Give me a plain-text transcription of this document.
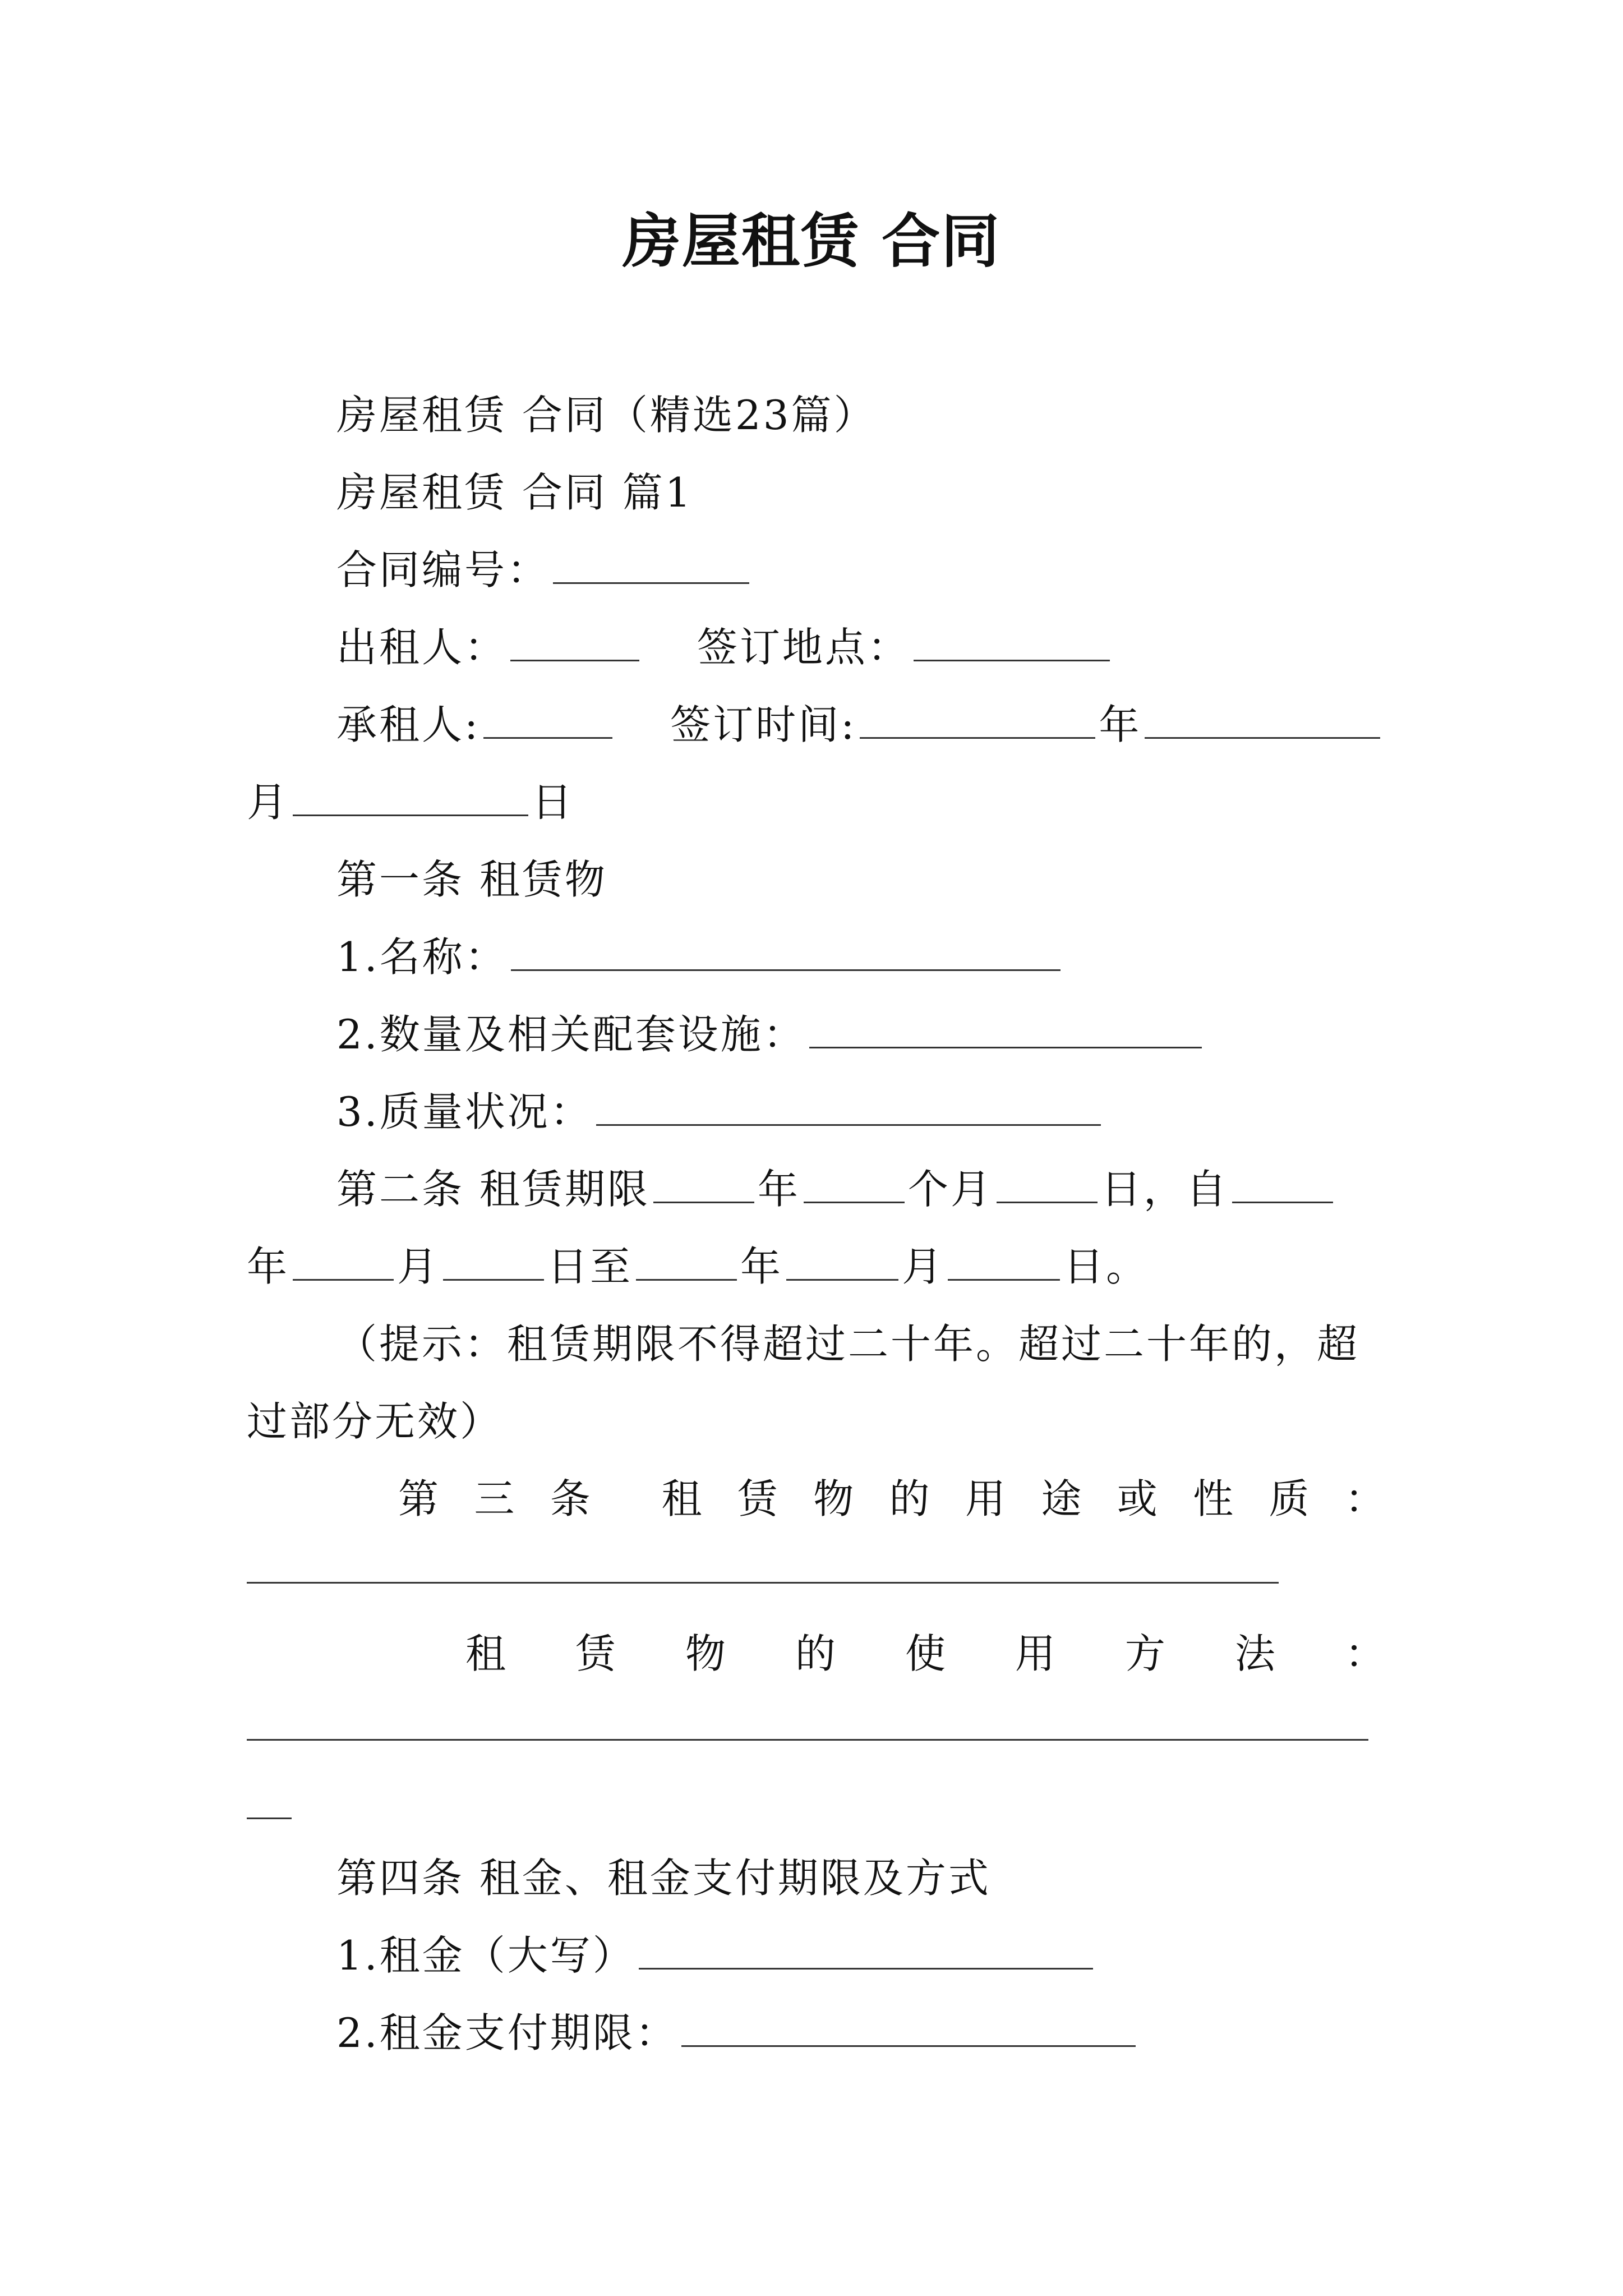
房屋租赁 合同
房屋租赁 合同（精选23篇）
房屋租赁 合同 篇1
合同编号：
出租人：	签订地点：
承租人:	签订时间:	年
月	日
第一条 租赁物
1.名称：
2.数量及相关配套设施：
3.质量状况：
第二条 租赁期限	年	个月	日，自
年	月	日至	年	月	日。
（提示：租赁期限不得超过二十年。超过二十年的，超
过部分无效）
第 三 条 租 赁 物 的 用 途 或 性 质 ：
租 赁 物 的 使 用 方 法 ：
第四条 租金、租金支付期限及方式
1.租金（大写）
2.租金支付期限：
